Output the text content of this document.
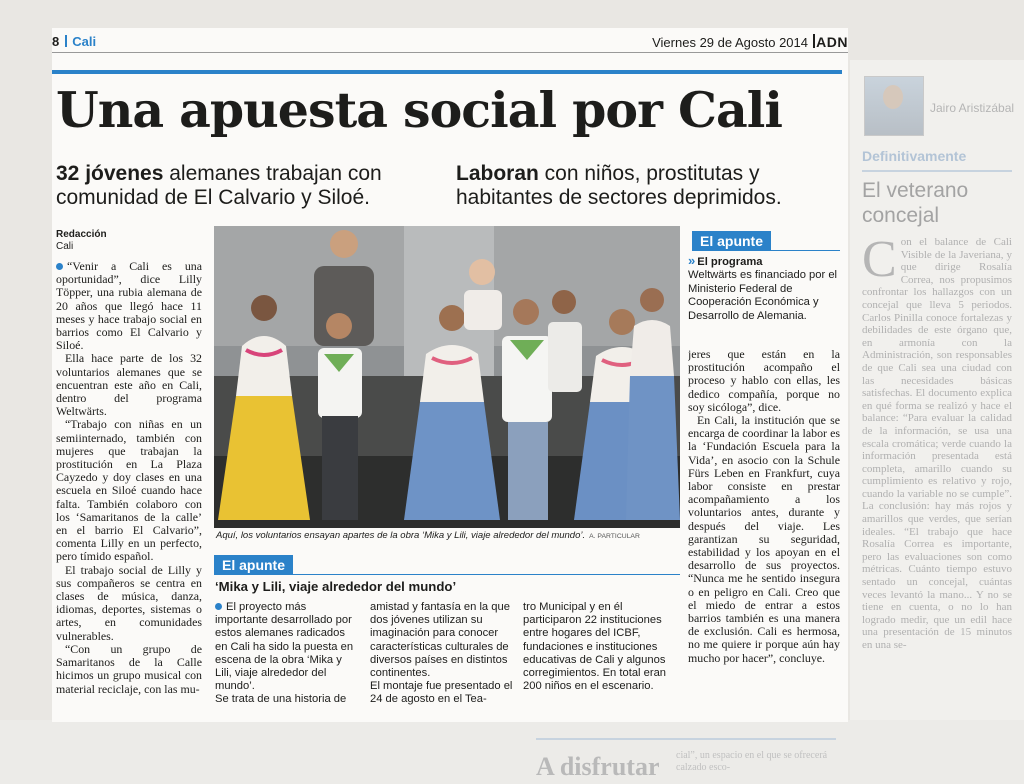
Jairo Aristizábal
Definitivamente
El veterano concejal
Con el balance de Cali Visible de la Javeriana, y que dirige Rosalía Correa, nos propusimos confrontar los hallazgos con un concejal que lleva 5 periodos. Carlos Pinilla conoce fortalezas y debilidades de este órgano que, en armonía con la Administración, son responsables de que Cali sea una ciudad con las necesidades básicas satisfechas. El documento explica en qué forma se realizó y hace el balance: “Para evaluar la calidad de la información, se usa una escala cromática; verde cuando la información presentada está completa, amarillo cuando su cumplimiento es relativo y rojo, cuando la variable no se cumple”. La conclusión: hay más rojos y amarillos que verdes, que serían ideales. “El trabajo que hace Rosalía Correa es importante, pero las evaluaciones son como métricas. Cuánto tiempo estuvo sentado un concejal, cuántas veces levantó la mano... Y no se tiene en cuenta, o no lo han logrado medir, que un edil hace una presentación de 15 minutos en una se-
A disfrutar cial”, un espacio en el que se ofrecerá calzado esco-
8 Cali	Viernes 29 de Agosto 2014 ADN
Una apuesta social por Cali
32 jóvenes alemanes trabajan con comunidad de El Calvario y Siloé.
Laboran con niños, prostitutas y habitantes de sectores deprimidos.
Redacción
Cali

“Venir a Cali es una oportunidad”, dice Lilly Töpper, una rubia alemana de 20 años que llegó hace 11 meses y hace trabajo social en barrios como El Calvario y Siloé.

Ella hace parte de los 32 voluntarios alemanes que se encuentran este año en Cali, dentro del programa Weltwärts.

“Trabajo con niñas en un semiinternado, también con mujeres que trabajan la prostitución en La Plaza Cayzedo y doy clases en una escuela en Siloé cuando hace falta. También colaboro con los ‘Samaritanos de la calle’ en el barrio El Calvario”, comenta Lilly en un perfecto, pero tímido español.

El trabajo social de Lilly y sus compañeros se centra en clases de música, danza, idiomas, deportes, sistemas o artes, en comunidades vulnerables.

“Con un grupo de Samaritanos de la Calle hicimos un grupo musical con material reciclaje, con las mu-

Aquí, los voluntarios ensayan apartes de la obra ‘Mika y Lili, viaje alrededor del mundo’. A. PARTICULAR
El apunte
» El programa
Weltwärts es financiado por el Ministerio Federal de Cooperación Económica y Desarrollo de Alemania.

jeres que están en la prostitución acompaño el proceso y hablo con ellas, les dedico compañía, porque no soy sicóloga”, dice.

En Cali, la institución que se encarga de coordinar la labor es la ‘Fundación Escuela para la Vida’, en asocio con la Schule Fürs Leben en Frankfurt, cuya labor consiste en prestar acompañamiento a los voluntarios antes, durante y después del viaje. Les garantizan su seguridad, estabilidad y los apoyan en el desarrollo de sus proyectos. “Nunca me he sentido insegura o en peligro en Cali. Creo que el miedo de entrar a estos barrios también es una manera de exclusión. Cali es hermosa, no me quiere ir porque aún hay mucho por hacer”, concluye.

El apunte
‘Mika y Lili, viaje alrededor del mundo’

El proyecto más importante desarrollado por estos alemanes radicados en Cali ha sido la puesta en escena de la obra ‘Mika y Lili, viaje alrededor del mundo’.

Se trata de una historia de

amistad y fantasía en la que dos jóvenes utilizan su imaginación para conocer características culturales de diversos países en distintos continentes.

El montaje fue presentado el 24 de agosto en el Tea-

tro Municipal y en él participaron 22 instituciones entre hogares del ICBF, fundaciones e instituciones educativas de Cali y algunos corregimientos. En total eran 200 niños en el escenario.
